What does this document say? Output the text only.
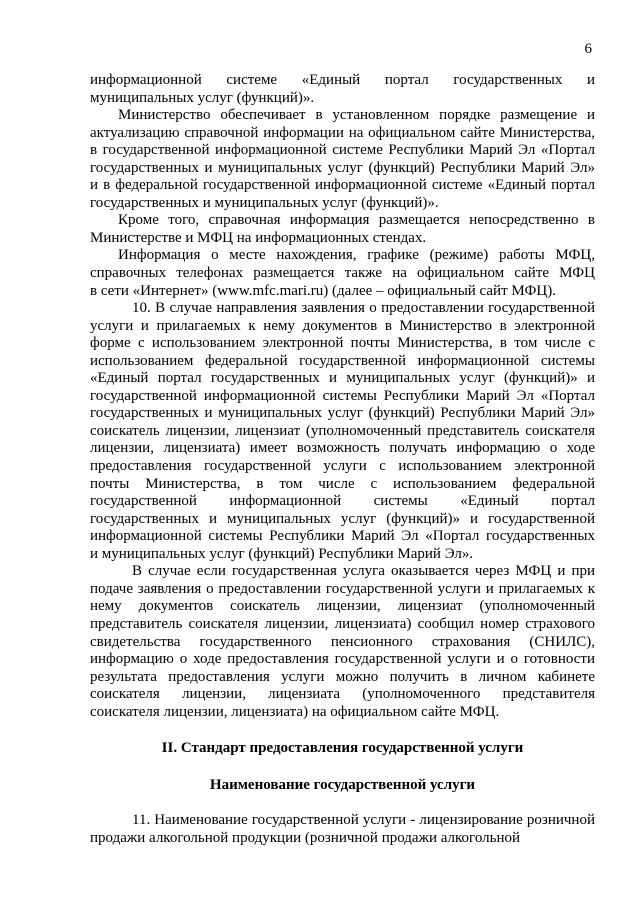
6
информационной системе «Единый портал государственных и
муниципальных услуг (функций)».
Министерство обеспечивает в установленном порядке размещение и
актуализацию справочной информации на официальном сайте Министерства,
в государственной информационной системе Республики Марий Эл «Портал
государственных и муниципальных услуг (функций) Республики Марий Эл»
и в федеральной государственной информационной системе «Единый портал
государственных и муниципальных услуг (функций)».
Кроме того, справочная информация размещается непосредственно в
Министерстве и МФЦ на информационных стендах.
Информация о месте нахождения, графике (режиме) работы МФЦ,
справочных телефонах размещается также на официальном сайте МФЦ
в сети «Интернет» (www.mfc.mari.ru) (далее – официальный сайт МФЦ).
10. В случае направления заявления о предоставлении государственной
услуги и прилагаемых к нему документов в Министерство в электронной
форме с использованием электронной почты Министерства, в том числе с
использованием федеральной государственной информационной системы
«Единый портал государственных и муниципальных услуг (функций)» и
государственной информационной системы Республики Марий Эл «Портал
государственных и муниципальных услуг (функций) Республики Марий Эл»
соискатель лицензии, лицензиат (уполномоченный представитель соискателя
лицензии, лицензиата) имеет возможность получать информацию о ходе
предоставления государственной услуги с использованием электронной
почты Министерства, в том числе с использованием федеральной
государственной информационной системы «Единый портал
государственных и муниципальных услуг (функций)» и государственной
информационной системы Республики Марий Эл «Портал государственных
и муниципальных услуг (функций) Республики Марий Эл».
В случае если государственная услуга оказывается через МФЦ и при
подаче заявления о предоставлении государственной услуги и прилагаемых к
нему документов соискатель лицензии, лицензиат (уполномоченный
представитель соискателя лицензии, лицензиата) сообщил номер страхового
свидетельства государственного пенсионного страхования (СНИЛС),
информацию о ходе предоставления государственной услуги и о готовности
результата предоставления услуги можно получить в личном кабинете
соискателя лицензии, лицензиата (уполномоченного представителя
соискателя лицензии, лицензиата) на официальном сайте МФЦ.
II. Стандарт предоставления государственной услуги
Наименование государственной услуги
11. Наименование государственной услуги - лицензирование розничной
продажи алкогольной продукции (розничной продажи алкогольной
